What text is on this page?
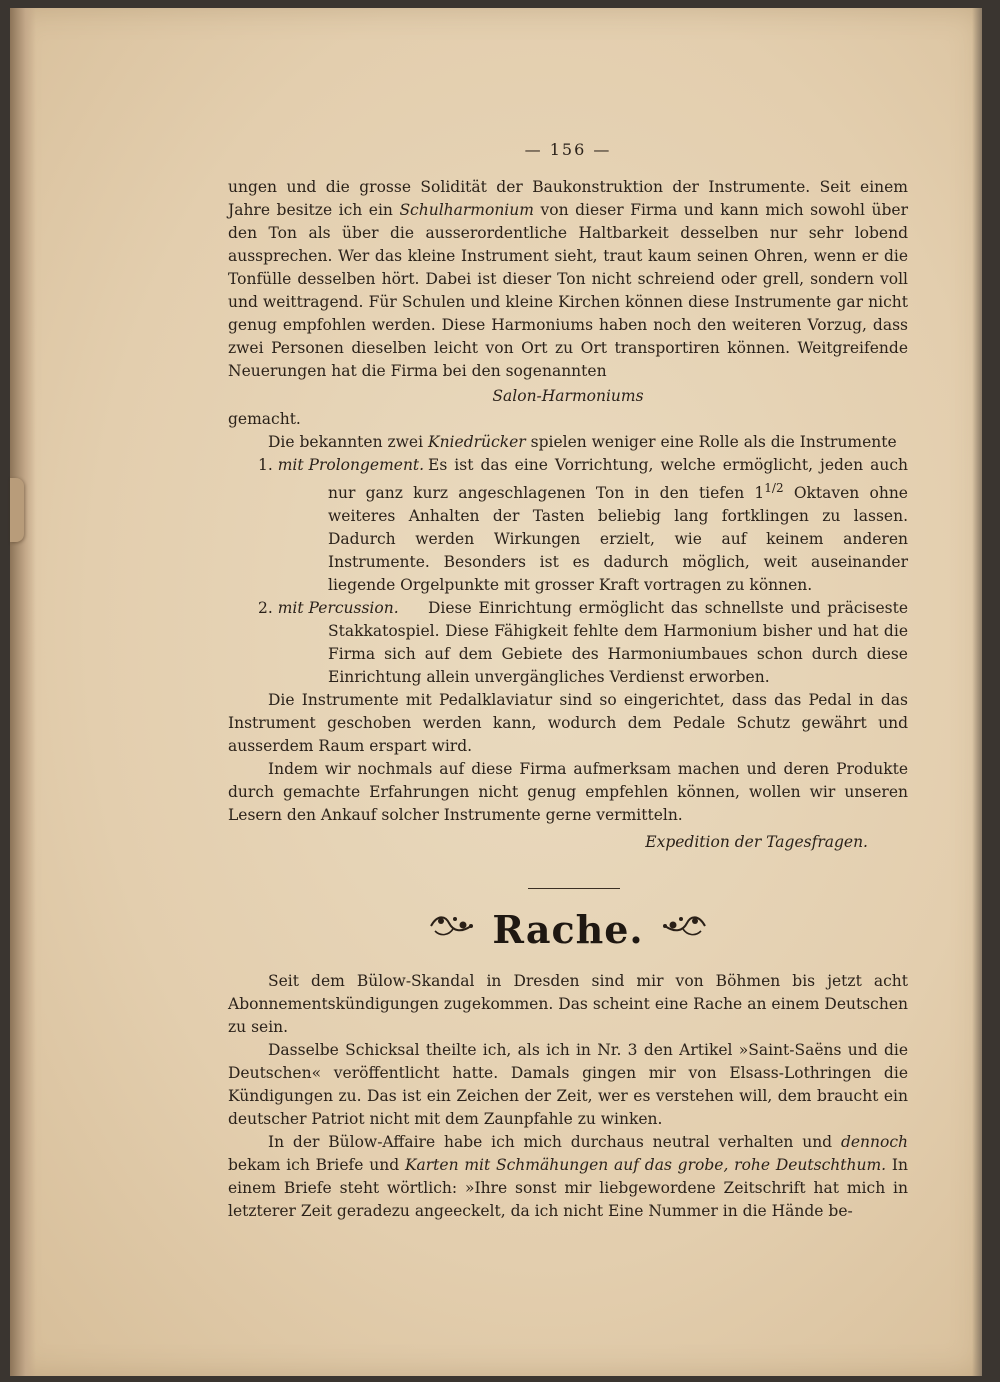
— 156 —

ungen und die grosse Solidität der Baukonstruktion der Instrumente. Seit einem Jahre besitze ich ein Schulharmonium von dieser Firma und kann mich sowohl über den Ton als über die ausserordentliche Haltbarkeit desselben nur sehr lobend aussprechen. Wer das kleine Instrument sieht, traut kaum seinen Ohren, wenn er die Tonfülle desselben hört. Dabei ist dieser Ton nicht schreiend oder grell, sondern voll und weittragend. Für Schulen und kleine Kirchen können diese Instrumente gar nicht genug empfohlen werden. Diese Harmoniums haben noch den weiteren Vorzug, dass zwei Personen dieselben leicht von Ort zu Ort transportiren können. Weitgreifende Neuerungen hat die Firma bei den sogenannten

Salon-Harmoniums

gemacht.

Die bekannten zwei Kniedrücker spielen weniger eine Rolle als die Instrumente

1. mit Prolongement. Es ist das eine Vorrichtung, welche ermöglicht, jeden auch nur ganz kurz angeschlagenen Ton in den tiefen $1^{1/2}$ Oktaven ohne weiteres Anhalten der Tasten beliebig lang fortklingen zu lassen. Dadurch werden Wirkungen erzielt, wie auf keinem anderen Instrumente. Besonders ist es dadurch möglich, weit auseinander liegende Orgelpunkte mit grosser Kraft vortragen zu können.

2. mit Percussion.	Diese Einrichtung ermöglicht das schnellste und präciseste Stakkatospiel. Diese Fähigkeit fehlte dem Harmonium bisher und hat die Firma sich auf dem Gebiete des Harmoniumbaues schon durch diese Einrichtung allein unvergängliches Verdienst erworben.

Die Instrumente mit Pedalklaviatur sind so eingerichtet, dass das Pedal in das Instrument geschoben werden kann, wodurch dem Pedale Schutz gewährt und ausserdem Raum erspart wird.

Indem wir nochmals auf diese Firma aufmerksam machen und deren Produkte durch gemachte Erfahrungen nicht genug empfehlen können, wollen wir unseren Lesern den Ankauf solcher Instrumente gerne vermitteln.

Expedition der Tagesfragen.

Rache.

Seit dem Bülow-Skandal in Dresden sind mir von Böhmen bis jetzt acht Abonnementskündigungen zugekommen. Das scheint eine Rache an einem Deutschen zu sein.

Dasselbe Schicksal theilte ich, als ich in Nr. 3 den Artikel »Saint-Saëns und die Deutschen« veröffentlicht hatte. Damals gingen mir von Elsass-Lothringen die Kündigungen zu. Das ist ein Zeichen der Zeit, wer es verstehen will, dem braucht ein deutscher Patriot nicht mit dem Zaunpfahle zu winken.

In der Bülow-Affaire habe ich mich durchaus neutral verhalten und dennoch bekam ich Briefe und Karten mit Schmähungen auf das grobe, rohe Deutschthum. In einem Briefe steht wörtlich: »Ihre sonst mir liebgewordene Zeitschrift hat mich in letzterer Zeit geradezu angeeckelt, da ich nicht Eine Nummer in die Hände be-
